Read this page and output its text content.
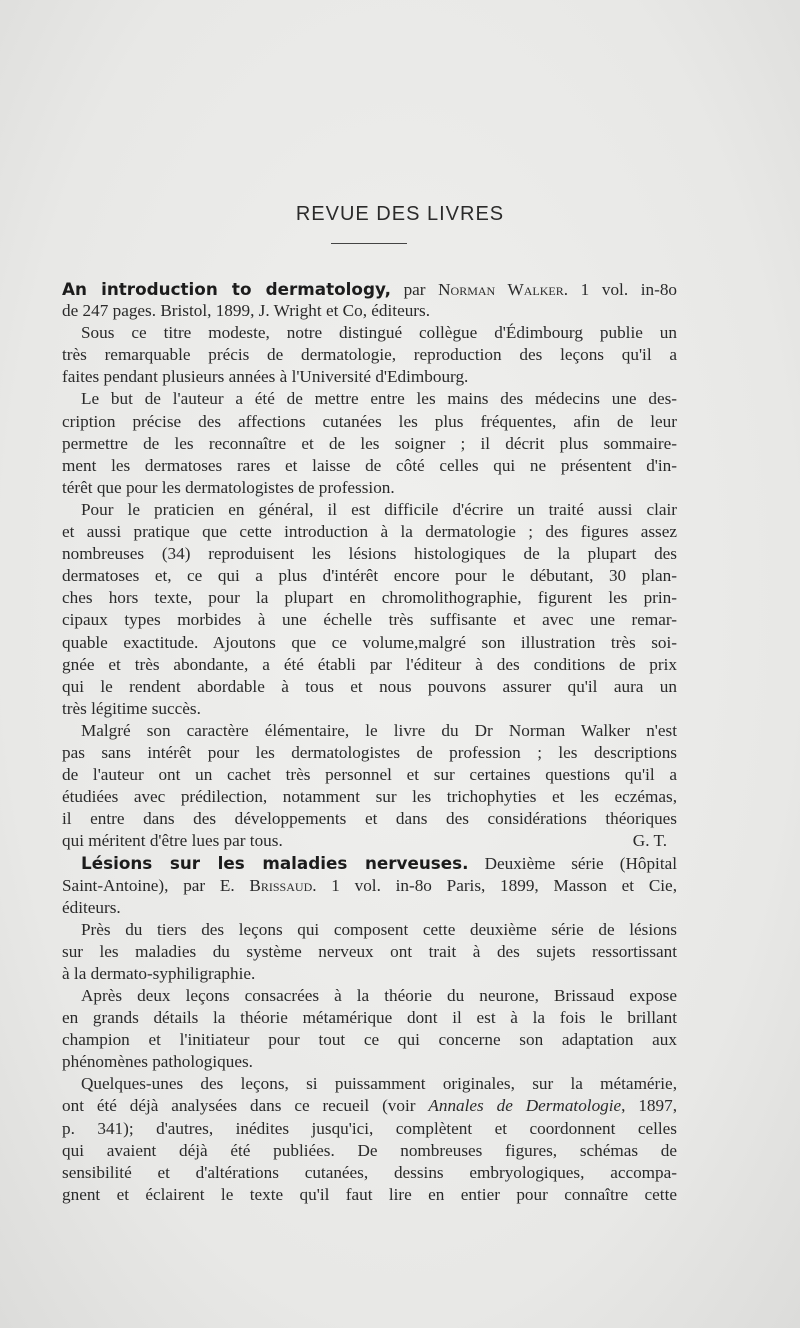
REVUE DES LIVRES
An introduction to dermatology, par Norman Walker. 1 vol. in-8o
de 247 pages. Bristol, 1899, J. Wright et Co, éditeurs.
Sous ce titre modeste, notre distingué collègue d'Édimbourg publie un
très remarquable précis de dermatologie, reproduction des leçons qu'il a
faites pendant plusieurs années à l'Université d'Edimbourg.
Le but de l'auteur a été de mettre entre les mains des médecins une des-
cription précise des affections cutanées les plus fréquentes, afin de leur
permettre de les reconnaître et de les soigner ; il décrit plus sommaire-
ment les dermatoses rares et laisse de côté celles qui ne présentent d'in-
térêt que pour les dermatologistes de profession.
Pour le praticien en général, il est difficile d'écrire un traité aussi clair
et aussi pratique que cette introduction à la dermatologie ; des figures assez
nombreuses (34) reproduisent les lésions histologiques de la plupart des
dermatoses et, ce qui a plus d'intérêt encore pour le débutant, 30 plan-
ches hors texte, pour la plupart en chromolithographie, figurent les prin-
cipaux types morbides à une échelle très suffisante et avec une remar-
quable exactitude. Ajoutons que ce volume,malgré son illustration très soi-
gnée et très abondante, a été établi par l'éditeur à des conditions de prix
qui le rendent abordable à tous et nous pouvons assurer qu'il aura un
très légitime succès.
Malgré son caractère élémentaire, le livre du Dr Norman Walker n'est
pas sans intérêt pour les dermatologistes de profession ; les descriptions
de l'auteur ont un cachet très personnel et sur certaines questions qu'il a
étudiées avec prédilection, notamment sur les trichophyties et les eczémas,
il entre dans des développements et dans des considérations théoriques
qui méritent d'être lues par tous.	G. T.
Lésions sur les maladies nerveuses. Deuxième série (Hôpital
Saint-Antoine), par E. Brissaud. 1 vol. in-8o Paris, 1899, Masson et Cie,
éditeurs.
Près du tiers des leçons qui composent cette deuxième série de lésions
sur les maladies du système nerveux ont trait à des sujets ressortissant
à la dermato-syphiligraphie.
Après deux leçons consacrées à la théorie du neurone, Brissaud expose
en grands détails la théorie métamérique dont il est à la fois le brillant
champion et l'initiateur pour tout ce qui concerne son adaptation aux
phénomènes pathologiques.
Quelques-unes des leçons, si puissamment originales, sur la métamérie,
ont été déjà analysées dans ce recueil (voir Annales de Dermatologie, 1897,
p. 341); d'autres, inédites jusqu'ici, complètent et coordonnent celles
qui avaient déjà été publiées. De nombreuses figures, schémas de
sensibilité et d'altérations cutanées, dessins embryologiques, accompa-
gnent et éclairent le texte qu'il faut lire en entier pour connaître cette
